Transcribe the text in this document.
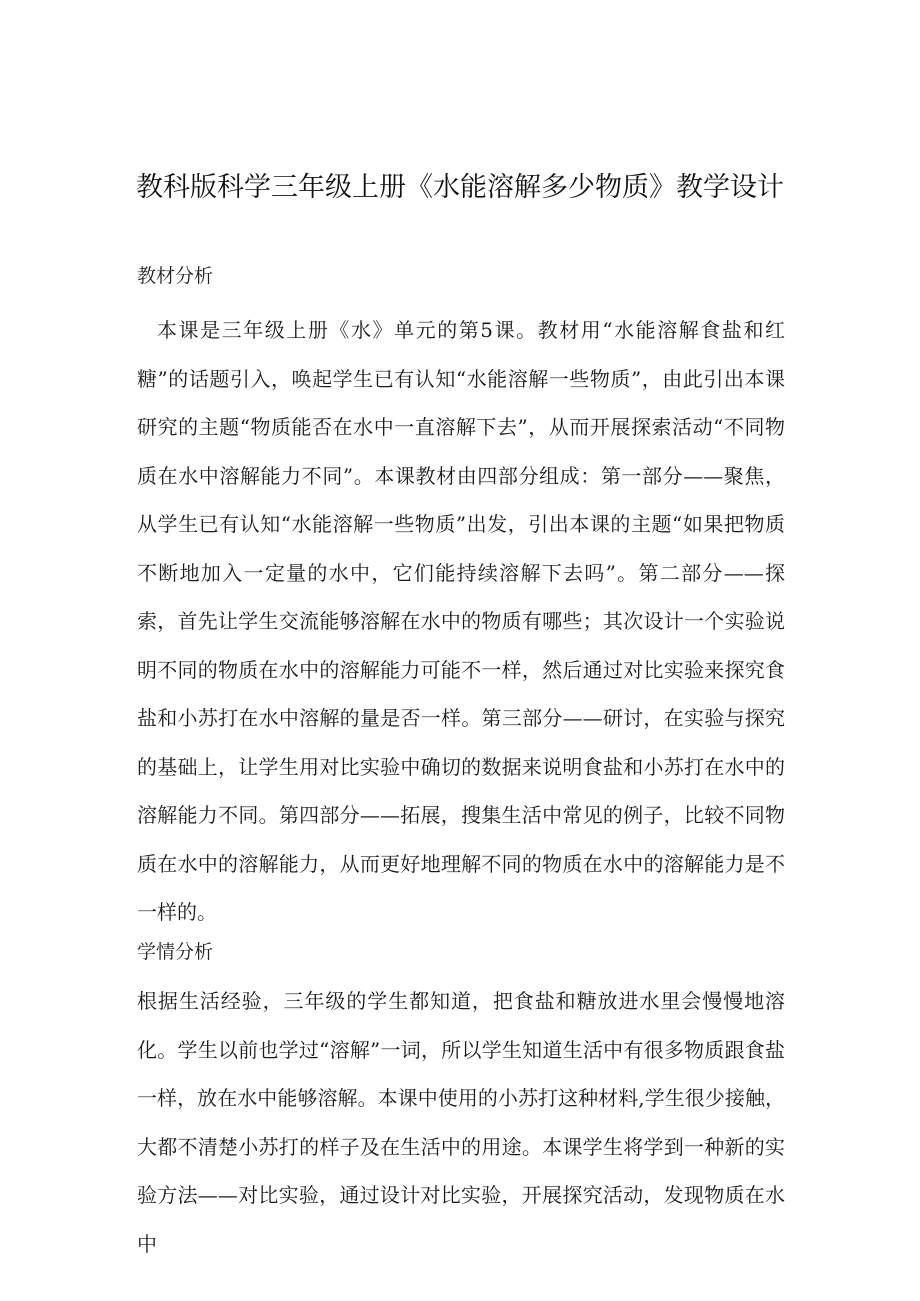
教科版科学三年级上册《水能溶解多少物质》教学设计
教材分析
本课是三年级上册《水》单元的第5课。教材用“水能溶解食盐和红糖”的话题引入，唤起学生已有认知“水能溶解一些物质”，由此引出本课研究的主题“物质能否在水中一直溶解下去”，从而开展探索活动“不同物质在水中溶解能力不同”。本课教材由四部分组成：第一部分——聚焦，从学生已有认知“水能溶解一些物质”出发，引出本课的主题“如果把物质不断地加入一定量的水中，它们能持续溶解下去吗”。第二部分——探索，首先让学生交流能够溶解在水中的物质有哪些；其次设计一个实验说明不同的物质在水中的溶解能力可能不一样，然后通过对比实验来探究食盐和小苏打在水中溶解的量是否一样。第三部分——研讨，在实验与探究的基础上，让学生用对比实验中确切的数据来说明食盐和小苏打在水中的溶解能力不同。第四部分——拓展，搜集生活中常见的例子，比较不同物质在水中的溶解能力，从而更好地理解不同的物质在水中的溶解能力是不一样的。
学情分析
根据生活经验，三年级的学生都知道，把食盐和糖放进水里会慢慢地溶化。学生以前也学过“溶解”一词，所以学生知道生活中有很多物质跟食盐一样，放在水中能够溶解。本课中使用的小苏打这种材料,学生很少接触，大都不清楚小苏打的样子及在生活中的用途。本课学生将学到一种新的实验方法——对比实验，通过设计对比实验，开展探究活动，发现物质在水中
